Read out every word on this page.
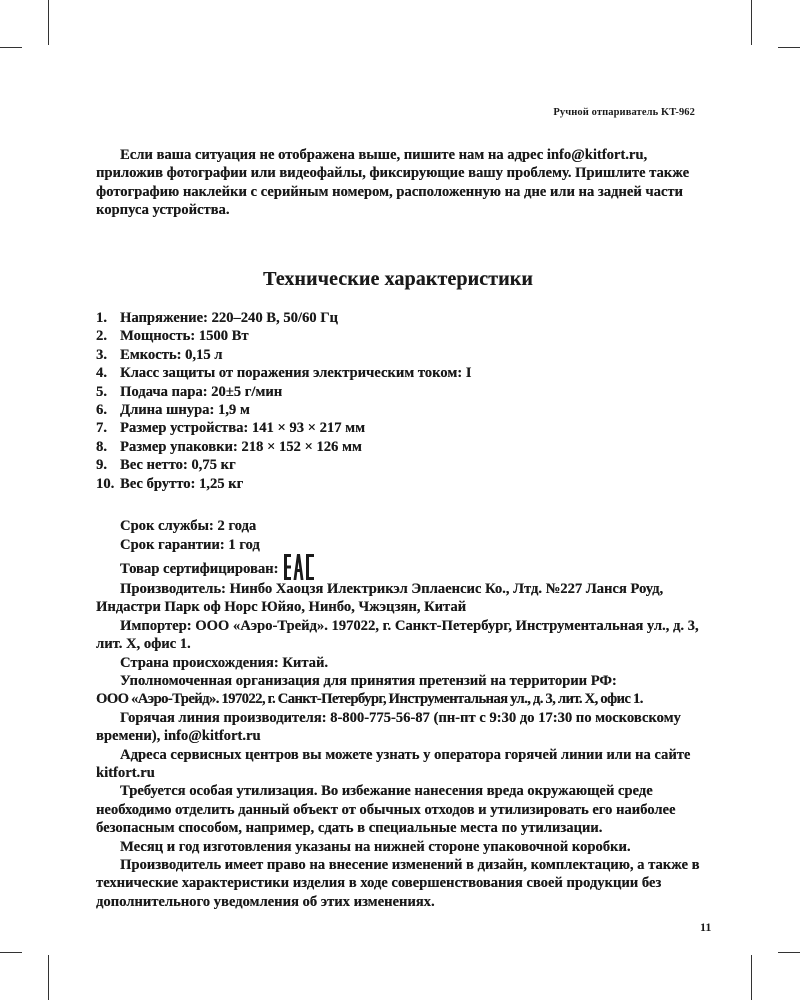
Ручной отпариватель KT-962

Если ваша ситуация не отображена выше, пишите нам на адрес info@kitfort.ru, приложив фотографии или видеофайлы, фиксирующие вашу проблему. Пришлите также фотографию наклейки с серийным номером, расположенную на дне или на задней части корпуса устройства.

Технические характеристики
1. Напряжение: 220–240 В, 50/60 Гц
2. Мощность: 1500 Вт
3. Емкость: 0,15 л
4. Класс защиты от поражения электрическим током: I
5. Подача пара: 20±5 г/мин
6. Длина шнура: 1,9 м
7. Размер устройства: 141 × 93 × 217 мм
8. Размер упаковки: 218 × 152 × 126 мм
9. Вес нетто: 0,75 кг
10. Вес брутто: 1,25 кг

Срок службы: 2 года

Срок гарантии: 1 год

Товар сертифицирован:

Производитель: Нинбо Хаоцзя Илектрикэл Эплаенсис Ко., Лтд. №227 Ланся Роуд, Индастри Парк оф Норс Юйяо, Нинбо, Чжэцзян, Китай

Импортер: ООО «Аэро-Трейд». 197022, г. Санкт-Петербург, Инструментальная ул., д. 3, лит. Х, офис 1.

Страна происхождения: Китай.

Уполномоченная организация для принятия претензий на территории РФ:

ООО «Аэро-Трейд». 197022, г. Санкт-Петербург, Инструментальная ул., д. 3, лит. Х, офис 1.

Горячая линия производителя: 8-800-775-56-87 (пн-пт с 9:30 до 17:30 по московскому времени), info@kitfort.ru

Адреса сервисных центров вы можете узнать у оператора горячей линии или на сайте kitfort.ru

Требуется особая утилизация. Во избежание нанесения вреда окружающей среде необходимо отделить данный объект от обычных отходов и утилизировать его наиболее безопасным способом, например, сдать в специальные места по утилизации.

Месяц и год изготовления указаны на нижней стороне упаковочной коробки.

Производитель имеет право на внесение изменений в дизайн, комплектацию, а также в технические характеристики изделия в ходе совершенствования своей продукции без дополнительного уведомления об этих изменениях.

11
